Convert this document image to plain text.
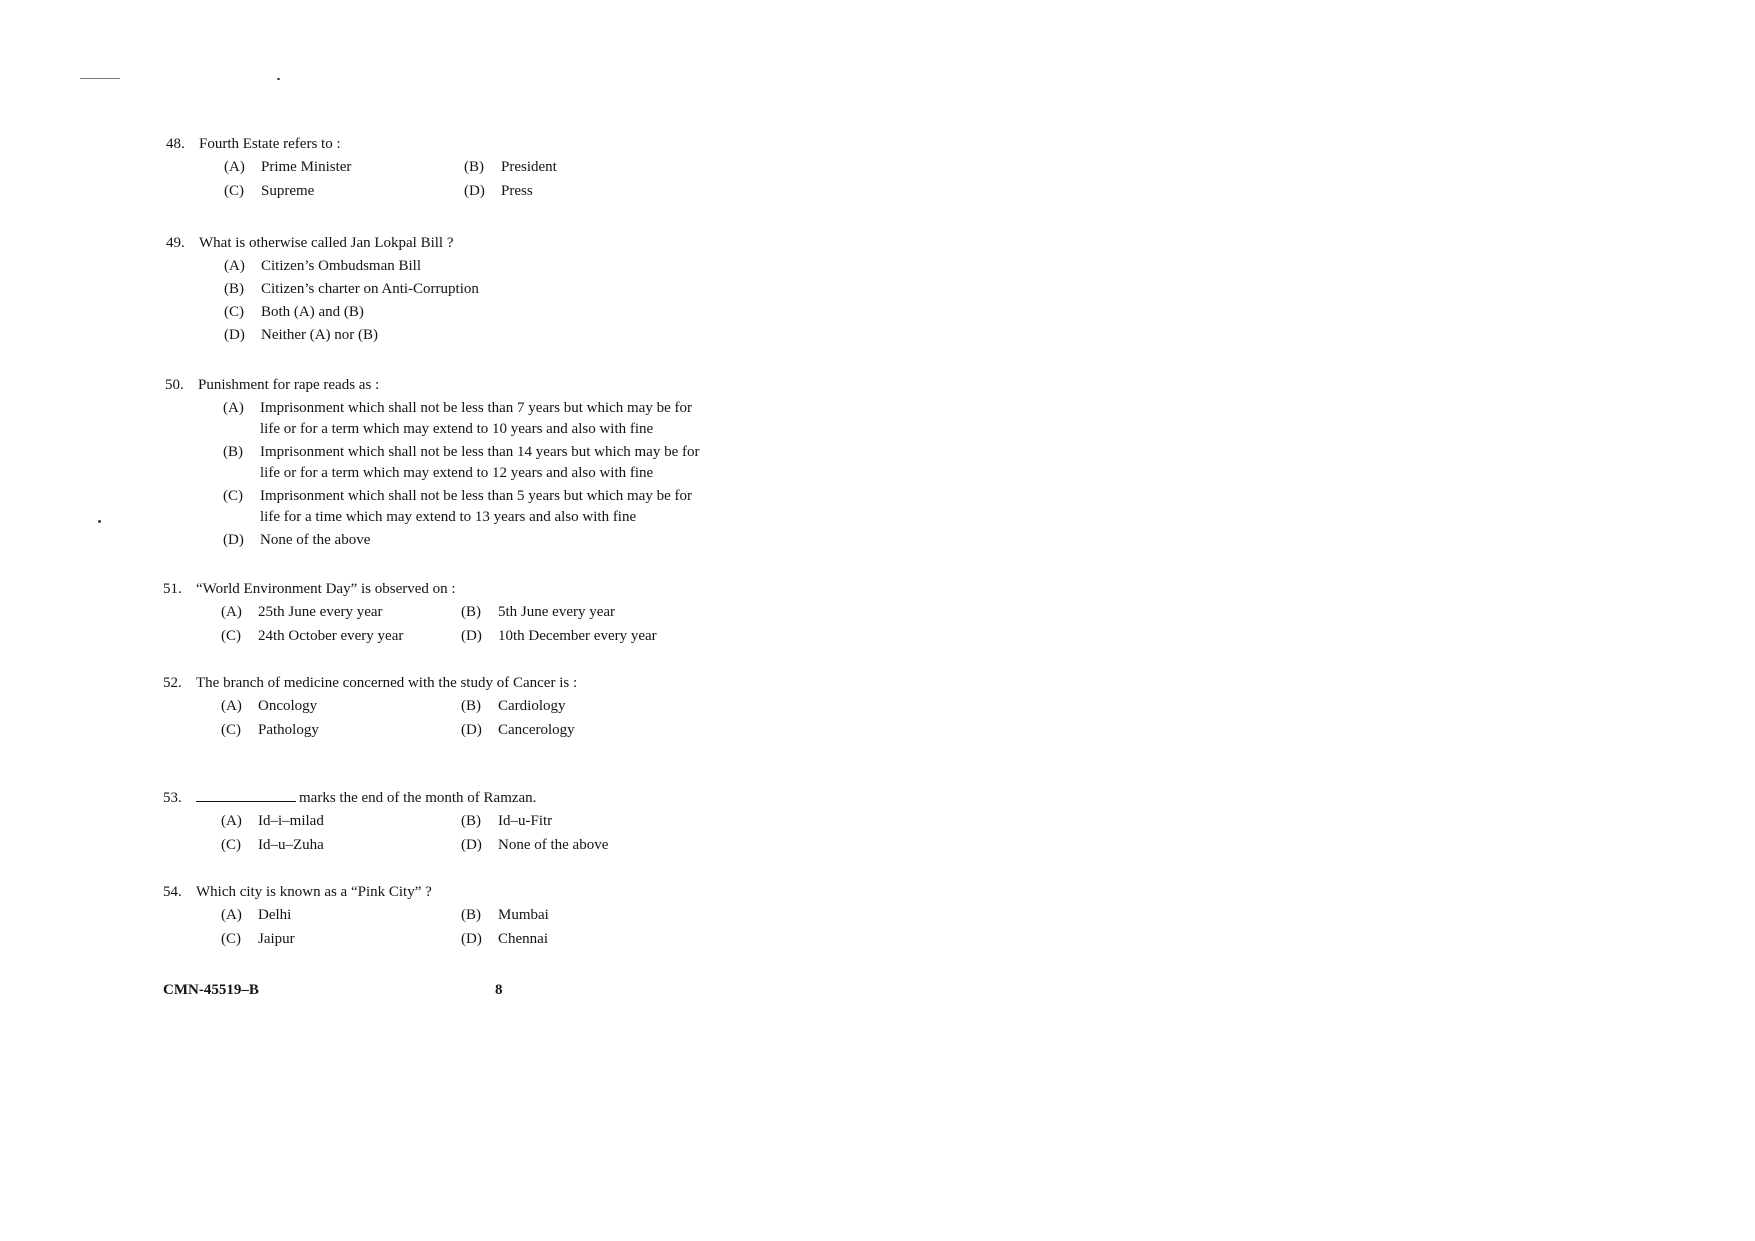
48. Fourth Estate refers to :
(A)	Prime Minister	(B)	President
(C)	Supreme	(D)	Press
49. What is otherwise called Jan Lokpal Bill ?
(A)	Citizen’s Ombudsman Bill
(B)	Citizen’s charter on Anti-Corruption
(C)	Both (A) and (B)
(D)	Neither (A) nor (B)
50. Punishment for rape reads as :
(A)	Imprisonment which shall not be less than 7 years but which may be for life or for a term which may extend to 10 years and also with fine
(B)	Imprisonment which shall not be less than 14 years but which may be for life or for a term which may extend to 12 years and also with fine
(C)	Imprisonment which shall not be less than 5 years but which may be for life for a time which may extend to 13 years and also with fine
(D)	None of the above
51. “World Environment Day” is observed on :
(A)	25th June every year	(B)	5th June every year
(C)	24th October every year	(D)	10th December every year
52. The branch of medicine concerned with the study of Cancer is :
(A)	Oncology	(B)	Cardiology
(C)	Pathology	(D)	Cancerology
53.	marks the end of the month of Ramzan.
(A)	Id–i–milad	(B)	Id–u-Fitr
(C)	Id–u–Zuha	(D)	None of the above
54. Which city is known as a “Pink City” ?
(A)	Delhi	(B)	Mumbai
(C)	Jaipur	(D)	Chennai
CMN-45519–B	8
